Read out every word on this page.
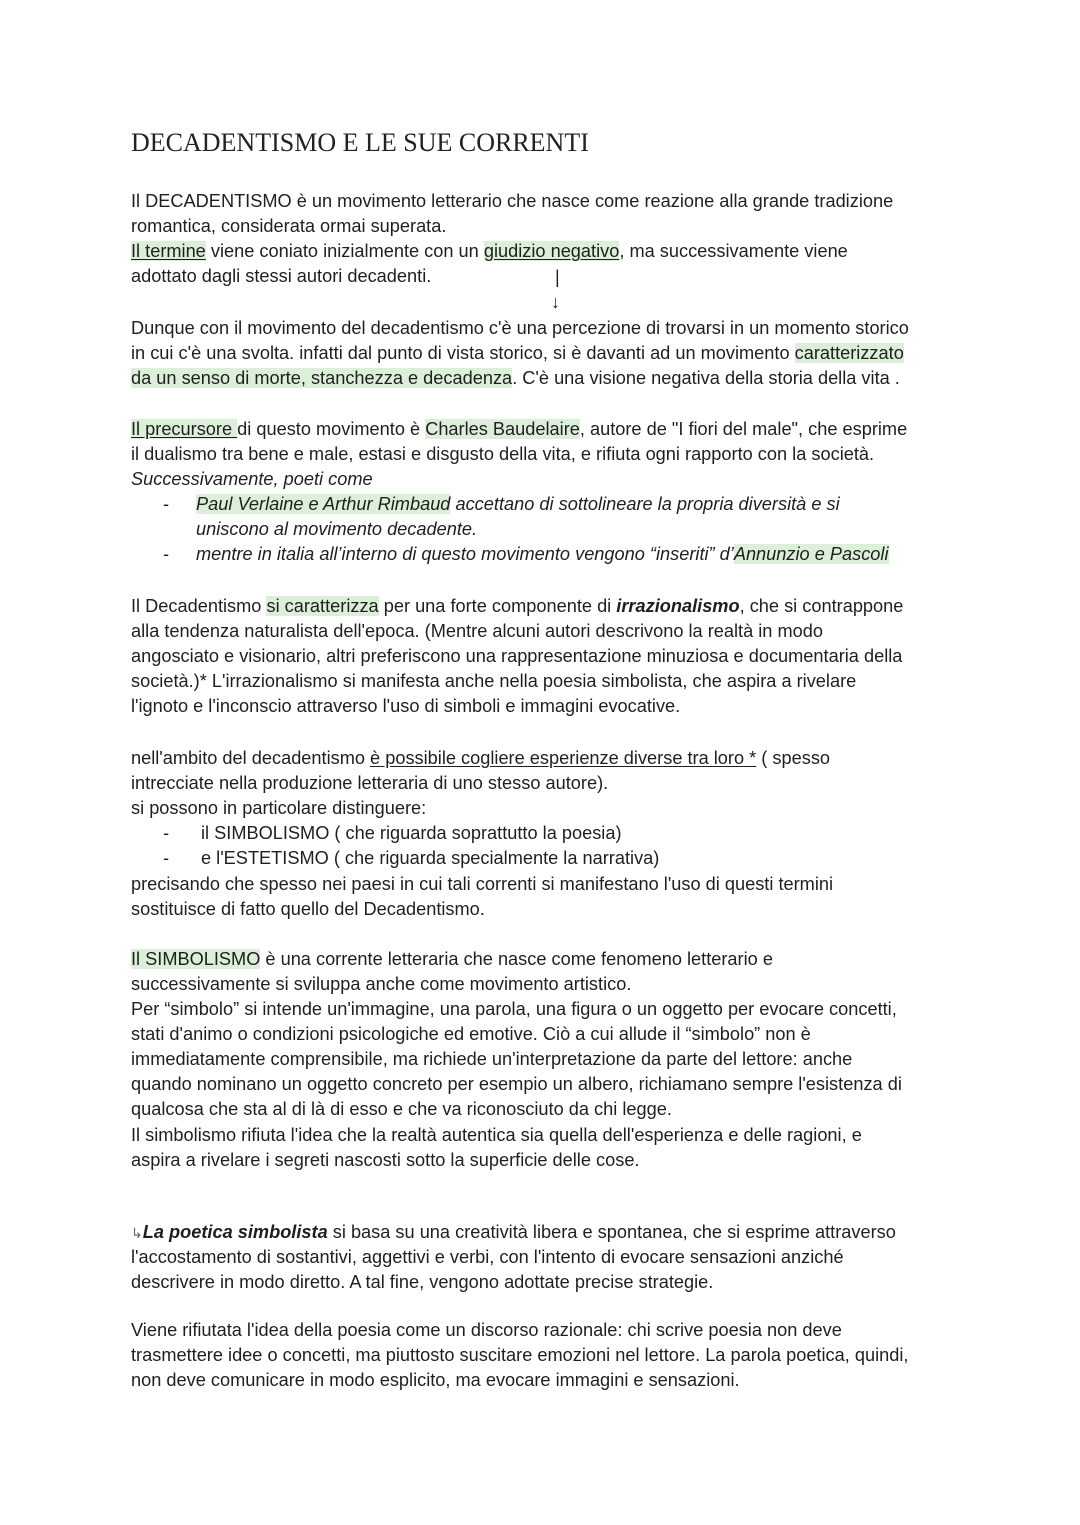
DECADENTISMO E LE SUE CORRENTI
Il DECADENTISMO è un movimento letterario che nasce come reazione alla grande tradizione
romantica, considerata ormai superata.
Il termine viene coniato inizialmente con un giudizio negativo, ma successivamente viene
adottato dagli stessi autori decadenti.	|
↓
Dunque con il movimento del decadentismo c'è una percezione di trovarsi in un momento storico
in cui c'è una svolta. infatti dal punto di vista storico, si è davanti ad un movimento caratterizzato
da un senso di morte, stanchezza e decadenza. C'è una visione negativa della storia della vita .
Il precursore di questo movimento è Charles Baudelaire, autore de "I fiori del male", che esprime
il dualismo tra bene e male, estasi e disgusto della vita, e rifiuta ogni rapporto con la società.
Successivamente, poeti come
- Paul Verlaine e Arthur Rimbaud accettano di sottolineare la propria diversità e si
uniscono al movimento decadente.
- mentre in italia all’interno di questo movimento vengono “inseriti” d’Annunzio e Pascoli
Il Decadentismo si caratterizza per una forte componente di irrazionalismo, che si contrappone
alla tendenza naturalista dell'epoca. (Mentre alcuni autori descrivono la realtà in modo
angosciato e visionario, altri preferiscono una rappresentazione minuziosa e documentaria della
società.)* L'irrazionalismo si manifesta anche nella poesia simbolista, che aspira a rivelare
l'ignoto e l'inconscio attraverso l'uso di simboli e immagini evocative.
nell'ambito del decadentismo è possibile cogliere esperienze diverse tra loro * ( spesso
intrecciate nella produzione letteraria di uno stesso autore).
si possono in particolare distinguere:
- il SIMBOLISMO ( che riguarda soprattutto la poesia)
- e l'ESTETISMO ( che riguarda specialmente la narrativa)
precisando che spesso nei paesi in cui tali correnti si manifestano l'uso di questi termini
sostituisce di fatto quello del Decadentismo.
Il SIMBOLISMO è una corrente letteraria che nasce come fenomeno letterario e
successivamente si sviluppa anche come movimento artistico.
Per “simbolo” si intende un'immagine, una parola, una figura o un oggetto per evocare concetti,
stati d'animo o condizioni psicologiche ed emotive. Ciò a cui allude il “simbolo” non è
immediatamente comprensibile, ma richiede un'interpretazione da parte del lettore: anche
quando nominano un oggetto concreto per esempio un albero, richiamano sempre l'esistenza di
qualcosa che sta al di là di esso e che va riconosciuto da chi legge.
Il simbolismo rifiuta l'idea che la realtà autentica sia quella dell'esperienza e delle ragioni, e
aspira a rivelare i segreti nascosti sotto la superficie delle cose.
↳La poetica simbolista si basa su una creatività libera e spontanea, che si esprime attraverso
l'accostamento di sostantivi, aggettivi e verbi, con l'intento di evocare sensazioni anziché
descrivere in modo diretto. A tal fine, vengono adottate precise strategie.
Viene rifiutata l'idea della poesia come un discorso razionale: chi scrive poesia non deve
trasmettere idee o concetti, ma piuttosto suscitare emozioni nel lettore. La parola poetica, quindi,
non deve comunicare in modo esplicito, ma evocare immagini e sensazioni.
